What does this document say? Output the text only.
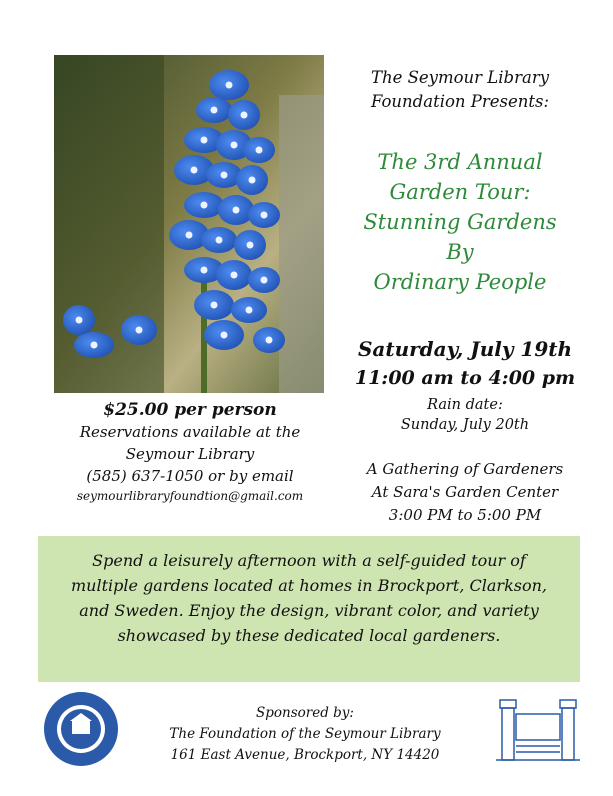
The Seymour Library
Foundation Presents:
The 3rd Annual
Garden Tour:
Stunning Gardens
By
Ordinary People
Saturday, July 19th
11:00 am to 4:00 pm
Rain date:
Sunday, July 20th
A Gathering of Gardeners
At Sara's Garden Center
3:00 PM to 5:00 PM
$25.00 per person
Reservations available at the
Seymour Library
(585) 637-1050 or by email
seymourlibraryfoundtion@gmail.com

Spend a leisurely afternoon with a self-guided tour of
multiple gardens located at homes in Brockport, Clarkson,
and Sweden. Enjoy the design, vibrant color, and variety
showcased by these dedicated local gardeners.

Sponsored by:
The Foundation of the Seymour Library
161 East Avenue, Brockport, NY 14420
